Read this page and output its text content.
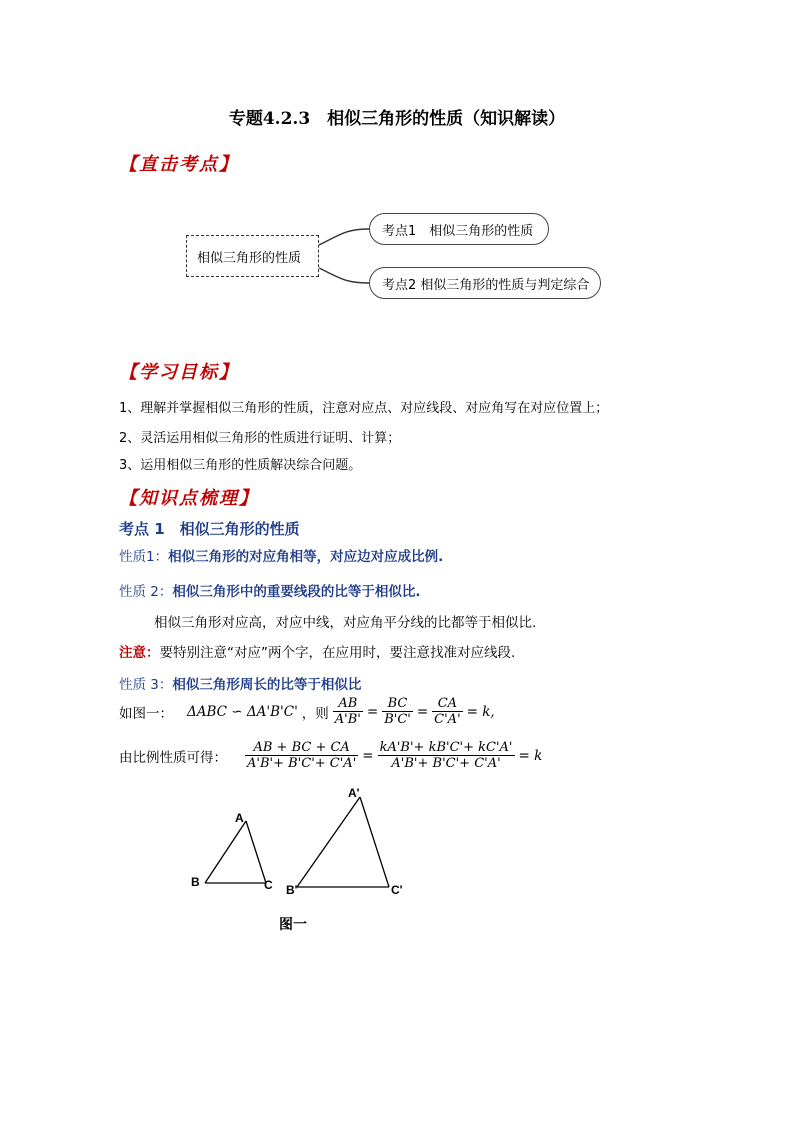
专题4.2.3　相似三角形的性质（知识解读）
【直击考点】
相似三角形的性质
考点1　相似三角形的性质
考点2 相似三角形的性质与判定综合
【学习目标】
1、理解并掌握相似三角形的性质，注意对应点、对应线段、对应角写在对应位置上；
2、灵活运用相似三角形的性质进行证明、计算；
3、运用相似三角形的性质解决综合问题。
【知识点梳理】
考点 1　相似三角形的性质
性质1：相似三角形的对应角相等，对应边对应成比例.
性质 2：相似三角形中的重要线段的比等于相似比.
相似三角形对应高，对应中线，对应角平分线的比都等于相似比.
注意：要特别注意“对应”两个字，在应用时，要注意找准对应线段.
性质 3：相似三角形周长的比等于相似比
如图一： ΔABC ∽ ΔA'B'C' ，则 $\frac{AB}{A'B'} = \frac{BC}{B'C'} = \frac{CA}{C'A'} = k$,
由比例性质可得： $\frac{AB + BC + CA}{A'B'+ B'C'+ C'A'} = \frac{kA'B'+ kB'C'+ kC'A'}{A'B'+ B'C'+ C'A'} = k$
A
B	C
A'
B'	C'
图一
